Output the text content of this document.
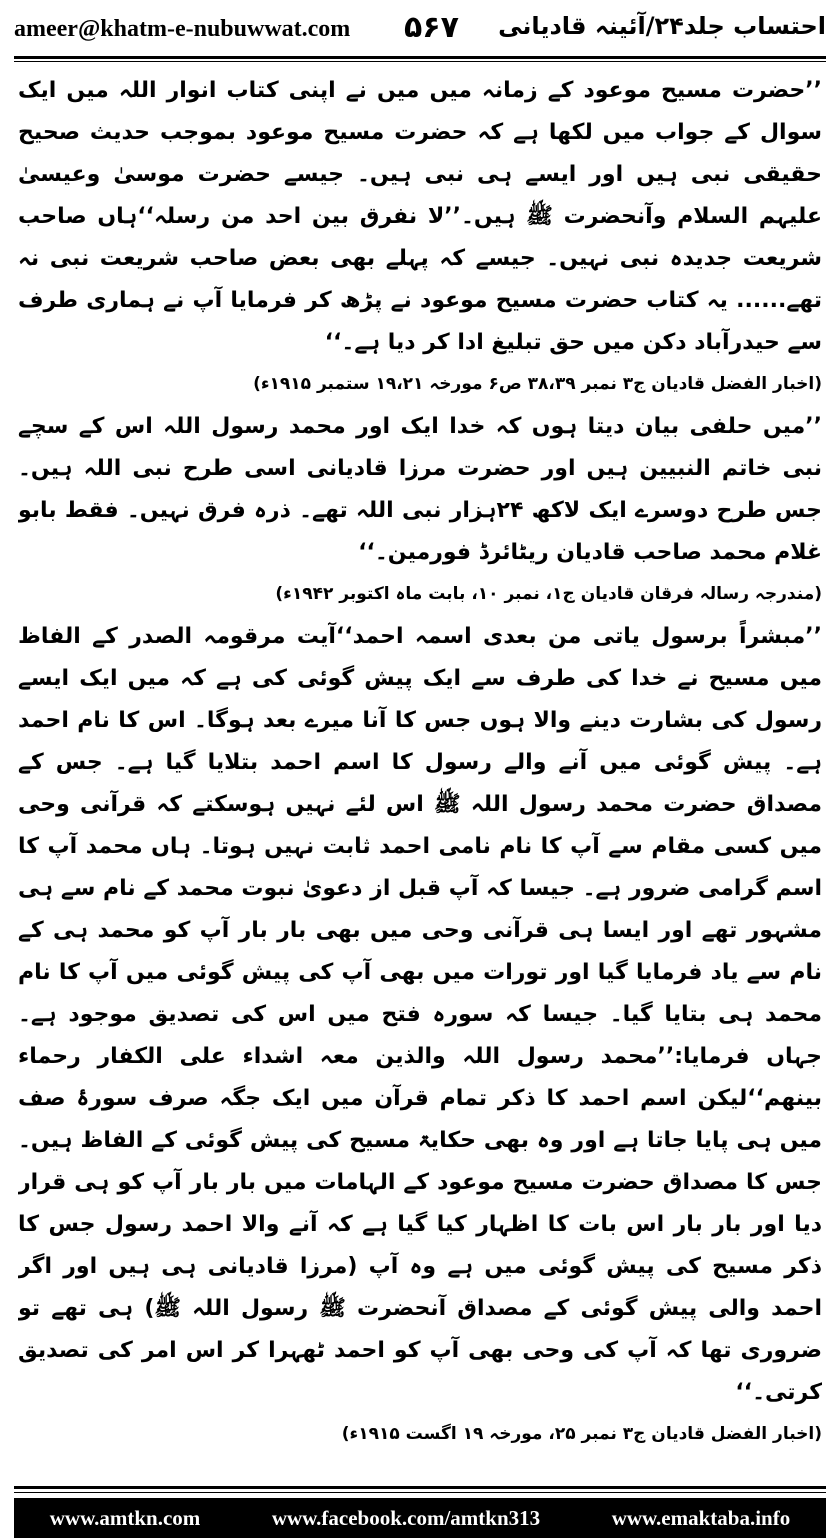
ameer@khatm-e-nubuwwat.com ۵۶۷ احتساب جلد۲۴/آئینہ قادیانی

’’حضرت مسیح موعود کے زمانہ میں میں نے اپنی کتاب انوار اللہ میں ایک سوال کے جواب میں لکھا ہے کہ حضرت مسیح موعود بموجب حدیث صحیح حقیقی نبی ہیں اور ایسے ہی نبی ہیں۔ جیسے حضرت موسیٰ وعیسیٰ علیہم السلام وآنحضرت ﷺ ہیں۔’’لا نفرق بین احد من رسلہ‘‘ہاں صاحب شریعت جدیدہ نبی نہیں۔ جیسے کہ پہلے بھی بعض صاحب شریعت نبی نہ تھے...... یہ کتاب حضرت مسیح موعود نے پڑھ کر فرمایا آپ نے ہماری طرف سے حیدرآباد دکن میں حق تبلیغ ادا کر دیا ہے۔‘‘

(اخبار الفضل قادیان ج۳ نمبر ۳۸،۳۹ ص۶ مورخہ ۱۹،۲۱ ستمبر ۱۹۱۵ء)

’’میں حلفی بیان دیتا ہوں کہ خدا ایک اور محمد رسول اللہ اس کے سچے نبی خاتم النبیین ہیں اور حضرت مرزا قادیانی اسی طرح نبی اللہ ہیں۔ جس طرح دوسرے ایک لاکھ ۲۴ہزار نبی اللہ تھے۔ ذرہ فرق نہیں۔ فقط بابو غلام محمد صاحب قادیان ریٹائرڈ فورمین۔‘‘

(مندرجہ رسالہ فرقان قادیان ج۱، نمبر ۱۰، بابت ماہ اکتوبر ۱۹۴۲ء)

’’مبشراً برسول یاتی من بعدی اسمہ احمد‘‘آیت مرقومہ الصدر کے الفاظ میں مسیح نے خدا کی طرف سے ایک پیش گوئی کی ہے کہ میں ایک ایسے رسول کی بشارت دینے والا ہوں جس کا آنا میرے بعد ہوگا۔ اس کا نام احمد ہے۔ پیش گوئی میں آنے والے رسول کا اسم احمد بتلایا گیا ہے۔ جس کے مصداق حضرت محمد رسول اللہ ﷺ اس لئے نہیں ہوسکتے کہ قرآنی وحی میں کسی مقام سے آپ کا نام نامی احمد ثابت نہیں ہوتا۔ ہاں محمد آپ کا اسم گرامی ضرور ہے۔ جیسا کہ آپ قبل از دعویٰ نبوت محمد کے نام سے ہی مشہور تھے اور ایسا ہی قرآنی وحی میں بھی بار بار آپ کو محمد ہی کے نام سے یاد فرمایا گیا اور تورات میں بھی آپ کی پیش گوئی میں آپ کا نام محمد ہی بتایا گیا۔ جیسا کہ سورہ فتح میں اس کی تصدیق موجود ہے۔ جہاں فرمایا:’’محمد رسول اللہ والذین معہ اشداء علی الکفار رحماء بینھم‘‘لیکن اسم احمد کا ذکر تمام قرآن میں ایک جگہ صرف سورۂ صف میں ہی پایا جاتا ہے اور وہ بھی حکایۃ مسیح کی پیش گوئی کے الفاظ ہیں۔ جس کا مصداق حضرت مسیح موعود کے الہامات میں بار بار آپ کو ہی قرار دیا اور بار بار اس بات کا اظہار کیا گیا ہے کہ آنے والا احمد رسول جس کا ذکر مسیح کی پیش گوئی میں ہے وہ آپ (مرزا قادیانی ہی ہیں اور اگر احمد والی پیش گوئی کے مصداق آنحضرت ﷺ رسول اللہ ﷺ) ہی تھے تو ضروری تھا کہ آپ کی وحی بھی آپ کو احمد ٹھہرا کر اس امر کی تصدیق کرتی۔‘‘

(اخبار الفضل قادیان ج۳ نمبر ۲۵، مورخہ ۱۹ اگست ۱۹۱۵ء)

www.amtkn.com	www.facebook.com/amtkn313	www.emaktaba.info
